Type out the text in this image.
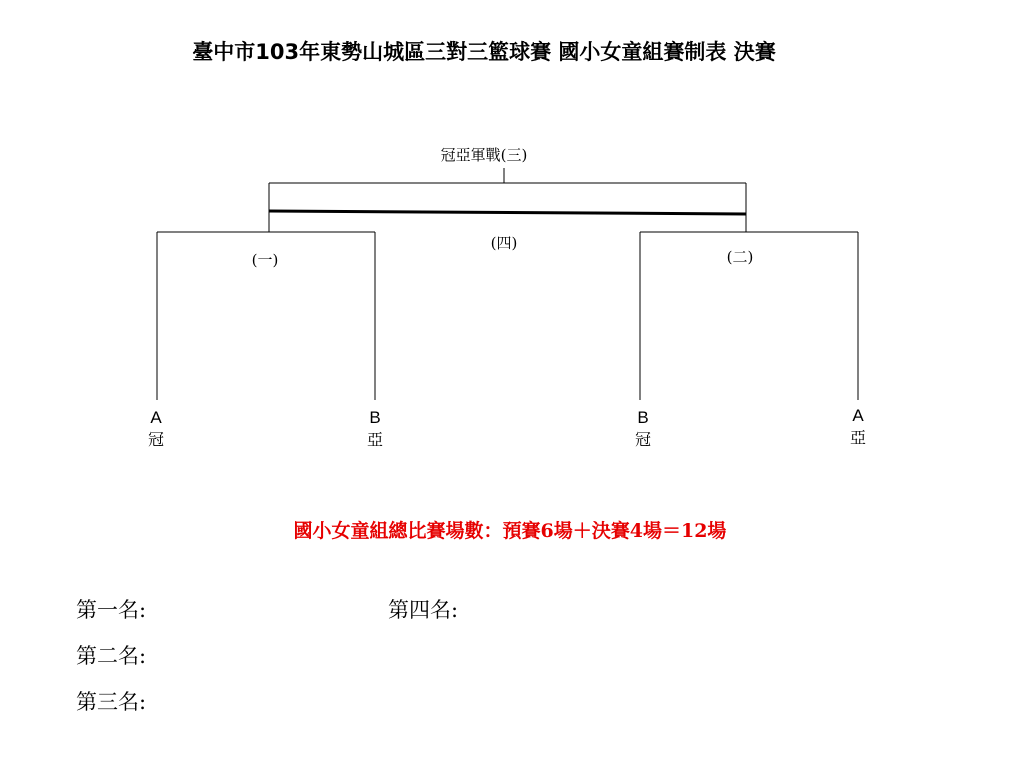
臺中市103年東勢山城區三對三籃球賽 國小女童組賽制表 決賽
冠亞軍戰(三)
(四)
(一)	(二)
A
冠
B
亞
B
冠
A
亞
國小女童組總比賽場數：預賽6場＋決賽4場＝12場
第一名:
第二名:
第三名:
第四名:
